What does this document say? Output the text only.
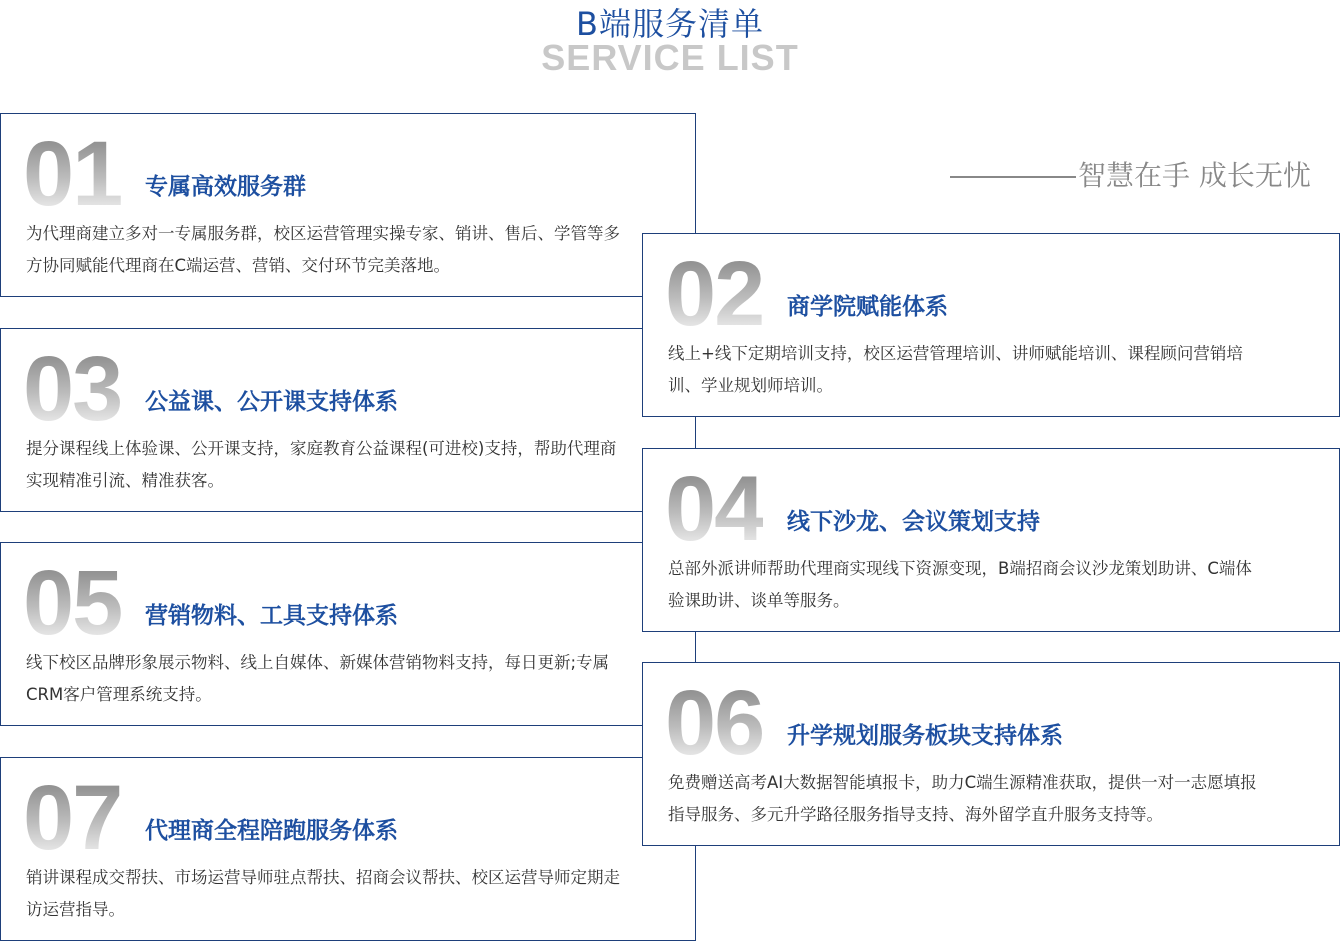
B端服务清单
SERVICE LIST
智慧在手 成长无忧
01 专属高效服务群
为代理商建立多对一专属服务群，校区运营管理实操专家、销讲、售后、学管等多方协同赋能代理商在C端运营、营销、交付环节完美落地。
03 公益课、公开课支持体系
提分课程线上体验课、公开课支持，家庭教育公益课程(可进校)支持，帮助代理商实现精准引流、精准获客。
05 营销物料、工具支持体系
线下校区品牌形象展示物料、线上自媒体、新媒体营销物料支持，每日更新;专属CRM客户管理系统支持。
07 代理商全程陪跑服务体系
销讲课程成交帮扶、市场运营导师驻点帮扶、招商会议帮扶、校区运营导师定期走访运营指导。
02 商学院赋能体系
线上+线下定期培训支持，校区运营管理培训、讲师赋能培训、课程顾问营销培训、学业规划师培训。
04 线下沙龙、会议策划支持
总部外派讲师帮助代理商实现线下资源变现，B端招商会议沙龙策划助讲、C端体验课助讲、谈单等服务。
06 升学规划服务板块支持体系
免费赠送高考AI大数据智能填报卡，助力C端生源精准获取，提供一对一志愿填报指导服务、多元升学路径服务指导支持、海外留学直升服务支持等。
